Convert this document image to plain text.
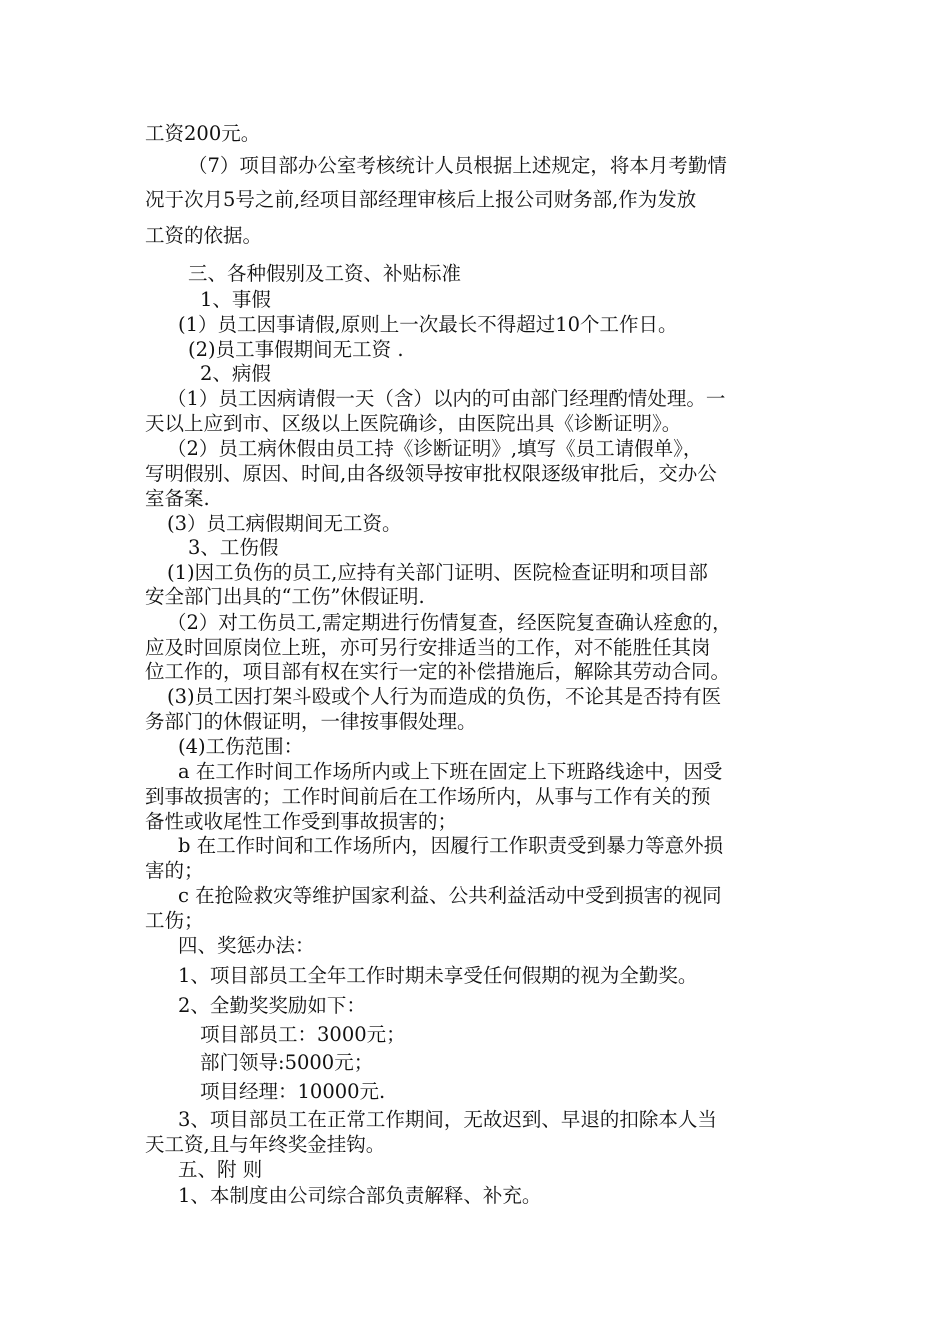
工资200元。
（7）项目部办公室考核统计人员根据上述规定，将本月考勤情
况于次月5号之前,经项目部经理审核后上报公司财务部,作为发放
工资的依据。
三、各种假别及工资、补贴标准
1、事假
(1）员工因事请假,原则上一次最长不得超过10个工作日。
(2)员工事假期间无工资 .
2、病假
（1）员工因病请假一天（含）以内的可由部门经理酌情处理。一
天以上应到市、区级以上医院确诊，由医院出具《诊断证明》。
（2）员工病休假由员工持《诊断证明》,填写《员工请假单》，
写明假别、原因、时间,由各级领导按审批权限逐级审批后，交办公
室备案.
(3）员工病假期间无工资。
3、工伤假
(1)因工负伤的员工,应持有关部门证明、医院检查证明和项目部
安全部门出具的“工伤”休假证明.
（2）对工伤员工,需定期进行伤情复查，经医院复查确认痊愈的，
应及时回原岗位上班，亦可另行安排适当的工作，对不能胜任其岗
位工作的，项目部有权在实行一定的补偿措施后，解除其劳动合同。
(3)员工因打架斗殴或个人行为而造成的负伤，不论其是否持有医
务部门的休假证明，一律按事假处理。
(4)工伤范围：
a 在工作时间工作场所内或上下班在固定上下班路线途中，因受
到事故损害的；工作时间前后在工作场所内，从事与工作有关的预
备性或收尾性工作受到事故损害的；
b 在工作时间和工作场所内，因履行工作职责受到暴力等意外损
害的；
c 在抢险救灾等维护国家利益、公共利益活动中受到损害的视同
工伤；
四、奖惩办法：
1、项目部员工全年工作时期未享受任何假期的视为全勤奖。
2、全勤奖奖励如下：
项目部员工：3000元；
部门领导:5000元；
项目经理：10000元.
3、项目部员工在正常工作期间，无故迟到、早退的扣除本人当
天工资,且与年终奖金挂钩。
五、附 则
1、本制度由公司综合部负责解释、补充。
